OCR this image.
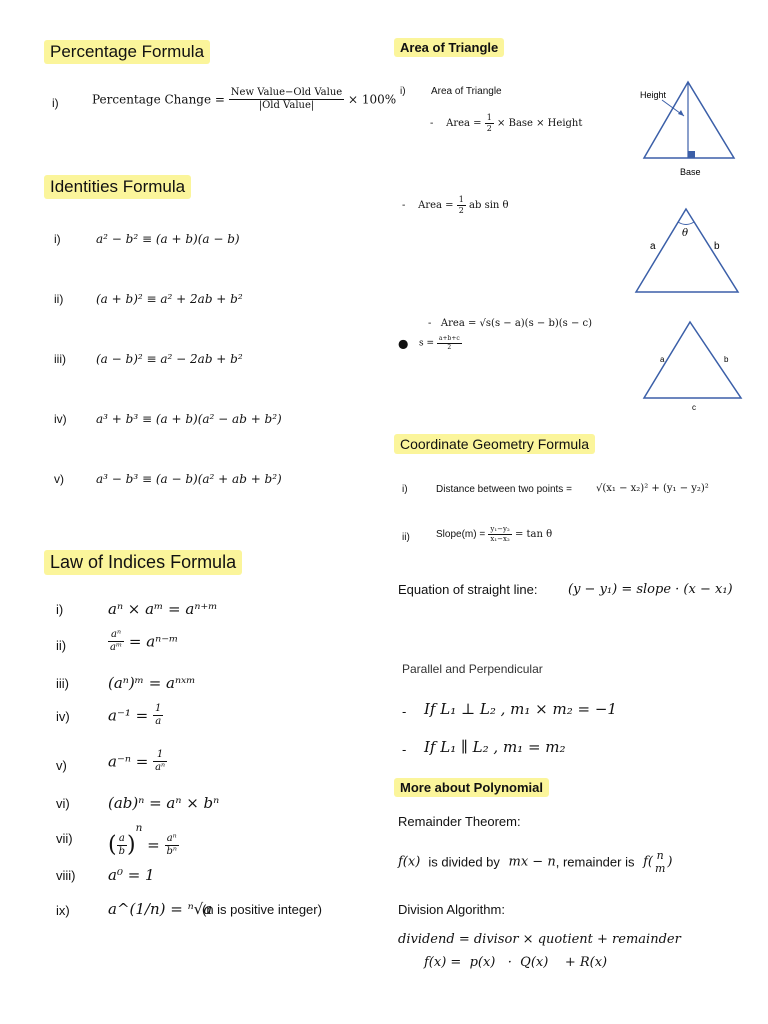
Percentage Formula
i)	Percentage Change = $\frac{\text{New Value−Old Value}}{\text{|Old Value|}} \times 100\%$
Identities Formula
i)	a² − b² ≡ (a + b)(a − b)
ii)	(a + b)² ≡ a² + 2ab + b²
iii)	(a − b)² ≡ a² − 2ab + b²
iv) a³ + b³ ≡ (a + b)(a² − ab + b²)
v)	a³ − b³ ≡ (a − b)(a² + ab + b²)
Law of Indices Formula
i)	aⁿ × aᵐ = aⁿ⁺ᵐ
ii)	$\frac{\text{aⁿ}}{\text{aᵐ}}$ = aⁿ⁻ᵐ
iii)	(aⁿ)ᵐ = aⁿˣᵐ
iv)	$a^{-1} = \frac{1}{a}$
v)	$a^{-n} = \frac{1}{\text{aⁿ}}$
vi)	(ab)ⁿ = aⁿ × bⁿ
vii) ( $\frac{a}{b} )^n = \frac{\text{aⁿ}}{\text{bⁿ}}$
viii) a⁰ = 1
ix)	a^(1/n) = ⁿ√a
(n is positive integer)
Area of Triangle
i)	Area of Triangle
-    Area = $\frac{1}{2}$ × Base × Height
Height
Base
-    Area = $\frac{1}{2}$ ab sin θ
θ
a	b
-   Area = √s(s − a)(s − b)(s − c)
●   $s = \frac{a+b+c}{2}$
a	b
c
Coordinate Geometry Formula
i)	Distance between two points = √(x₁ − x₂)² + (y₁ − y₂)²
ii)	Slope(m) = $\frac{\text{y₁−y₂}}{\text{x₁−x₂}} = \tan \theta$
Equation of straight line: (y − y₁) = slope · (x − x₁)
Parallel and Perpendicular
- If L₁ ⊥ L₂ , m₁ × m₂ = −1
- If L₁ ∥ L₂ , m₁ = m₂
More about Polynomial
Remainder Theorem:
f(x) is divided by mx − n, remainder is f( n
m )
Division Algorithm:
dividend = divisor × quotient + remainder
f(x) =  p(x)   ·  Q(x)    + R(x)
